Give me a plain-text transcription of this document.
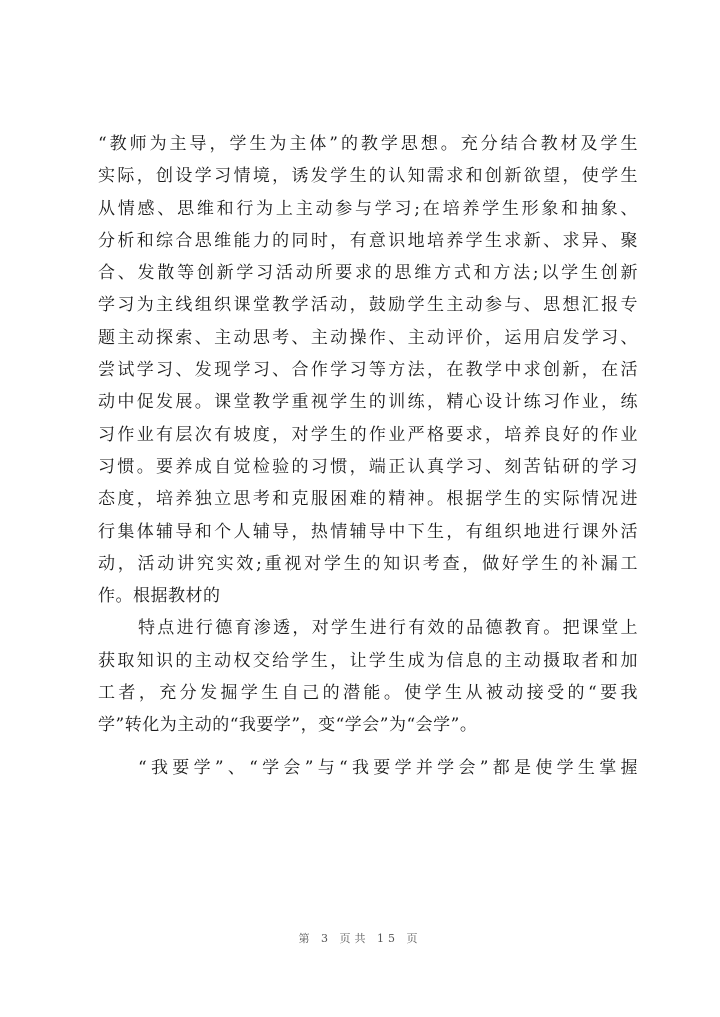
“教师为主导，学生为主体”的教学思想。充分结合教材及学生
实际，创设学习情境，诱发学生的认知需求和创新欲望，使学生
从情感、思维和行为上主动参与学习;在培养学生形象和抽象、
分析和综合思维能力的同时，有意识地培养学生求新、求异、聚
合、发散等创新学习活动所要求的思维方式和方法;以学生创新
学习为主线组织课堂教学活动，鼓励学生主动参与、思想汇报专
题主动探索、主动思考、主动操作、主动评价，运用启发学习、
尝试学习、发现学习、合作学习等方法，在教学中求创新，在活
动中促发展。课堂教学重视学生的训练，精心设计练习作业，练
习作业有层次有坡度，对学生的作业严格要求，培养良好的作业
习惯。要养成自觉检验的习惯，端正认真学习、刻苦钻研的学习
态度，培养独立思考和克服困难的精神。根据学生的实际情况进
行集体辅导和个人辅导，热情辅导中下生，有组织地进行课外活
动，活动讲究实效;重视对学生的知识考查，做好学生的补漏工
作。根据教材的
特点进行德育渗透，对学生进行有效的品德教育。把课堂上
获取知识的主动权交给学生，让学生成为信息的主动摄取者和加
工者，充分发掘学生自己的潜能。使学生从被动接受的“要我
学”转化为主动的“我要学”，变“学会”为“会学”。
“我要学”、“学会”与“我要学并学会”都是使学生掌握
第 3 页共 15 页
